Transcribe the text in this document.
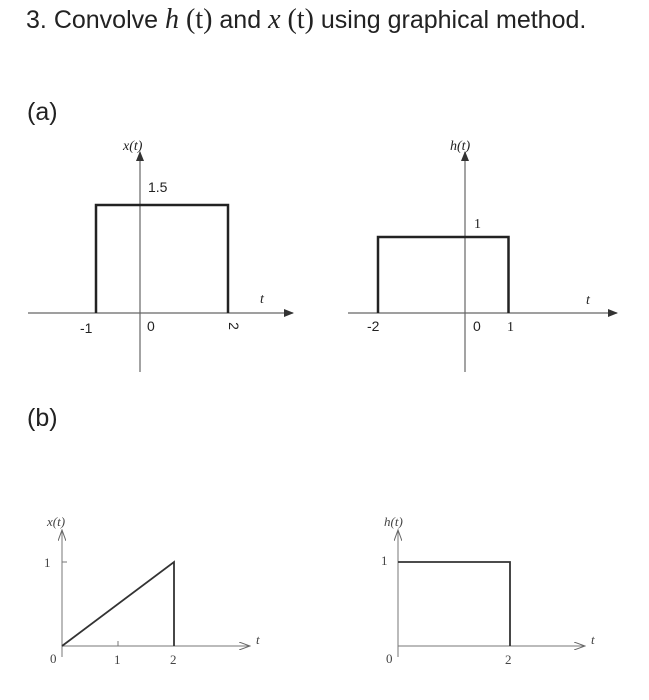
3. Convolve h (t) and x (t) using graphical method.
(a)
(b)
x(t)
1.5
t
-1	0	2
h(t)
1
t
-2	0 1
x(t)
1
t
0	1	2
h(t)
1
t
0	2
